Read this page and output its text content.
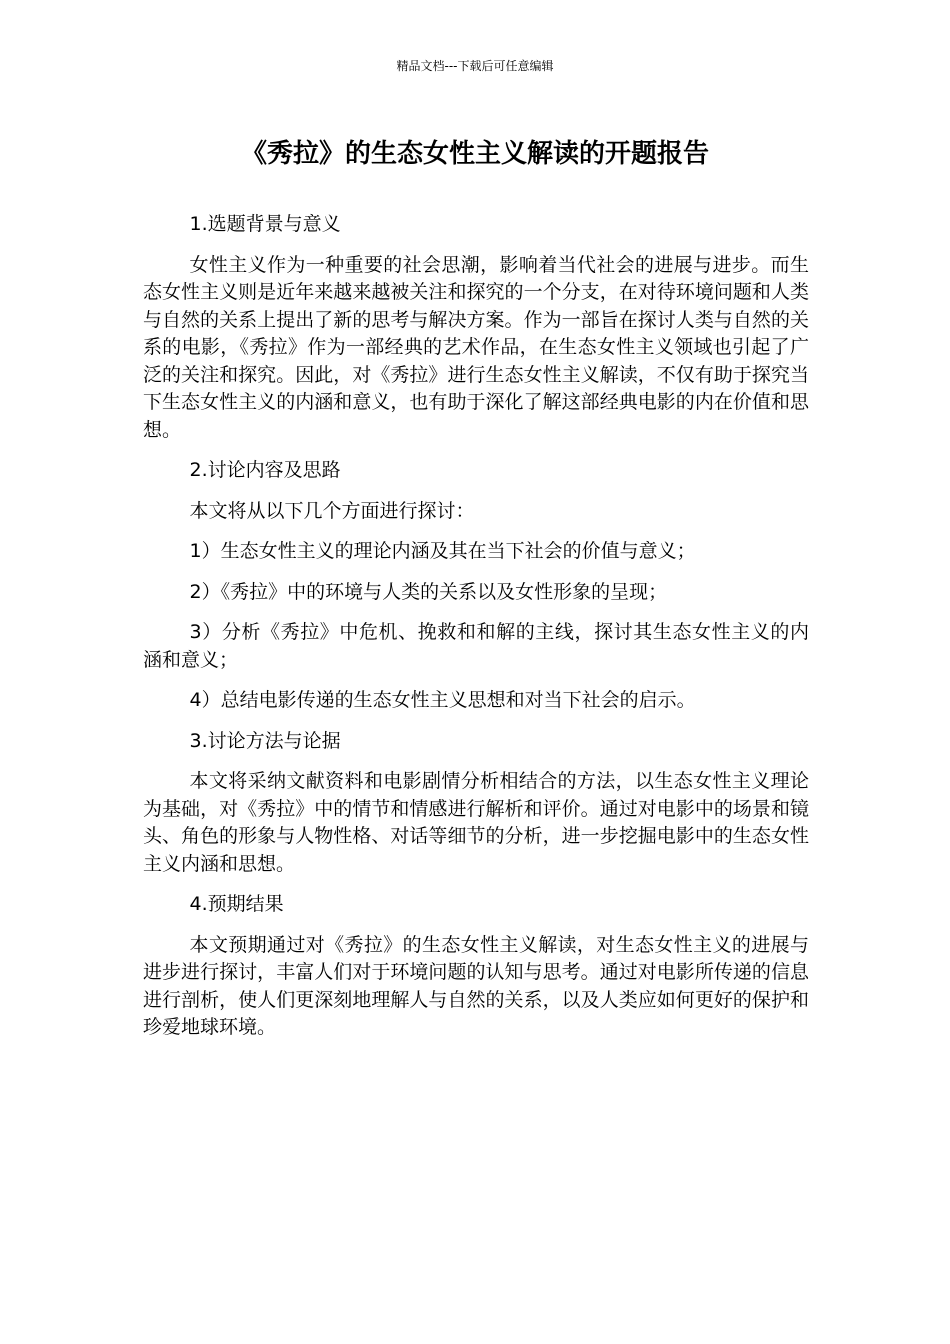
精品文档---下载后可任意编辑
《秀拉》的生态女性主义解读的开题报告

1.选题背景与意义

女性主义作为一种重要的社会思潮，影响着当代社会的进展与进步。而生态女性主义则是近年来越来越被关注和探究的一个分支，在对待环境问题和人类与自然的关系上提出了新的思考与解决方案。作为一部旨在探讨人类与自然的关系的电影，《秀拉》作为一部经典的艺术作品，在生态女性主义领域也引起了广泛的关注和探究。因此，对《秀拉》进行生态女性主义解读，不仅有助于探究当下生态女性主义的内涵和意义，也有助于深化了解这部经典电影的内在价值和思想。

2.讨论内容及思路

本文将从以下几个方面进行探讨：

1）生态女性主义的理论内涵及其在当下社会的价值与意义；

2）《秀拉》中的环境与人类的关系以及女性形象的呈现；

3）分析《秀拉》中危机、挽救和和解的主线，探讨其生态女性主义的内涵和意义；

4）总结电影传递的生态女性主义思想和对当下社会的启示。

3.讨论方法与论据

本文将采纳文献资料和电影剧情分析相结合的方法，以生态女性主义理论为基础，对《秀拉》中的情节和情感进行解析和评价。通过对电影中的场景和镜头、角色的形象与人物性格、对话等细节的分析，进一步挖掘电影中的生态女性主义内涵和思想。

4.预期结果

本文预期通过对《秀拉》的生态女性主义解读，对生态女性主义的进展与进步进行探讨，丰富人们对于环境问题的认知与思考。通过对电影所传递的信息进行剖析，使人们更深刻地理解人与自然的关系，以及人类应如何更好的保护和珍爱地球环境。
